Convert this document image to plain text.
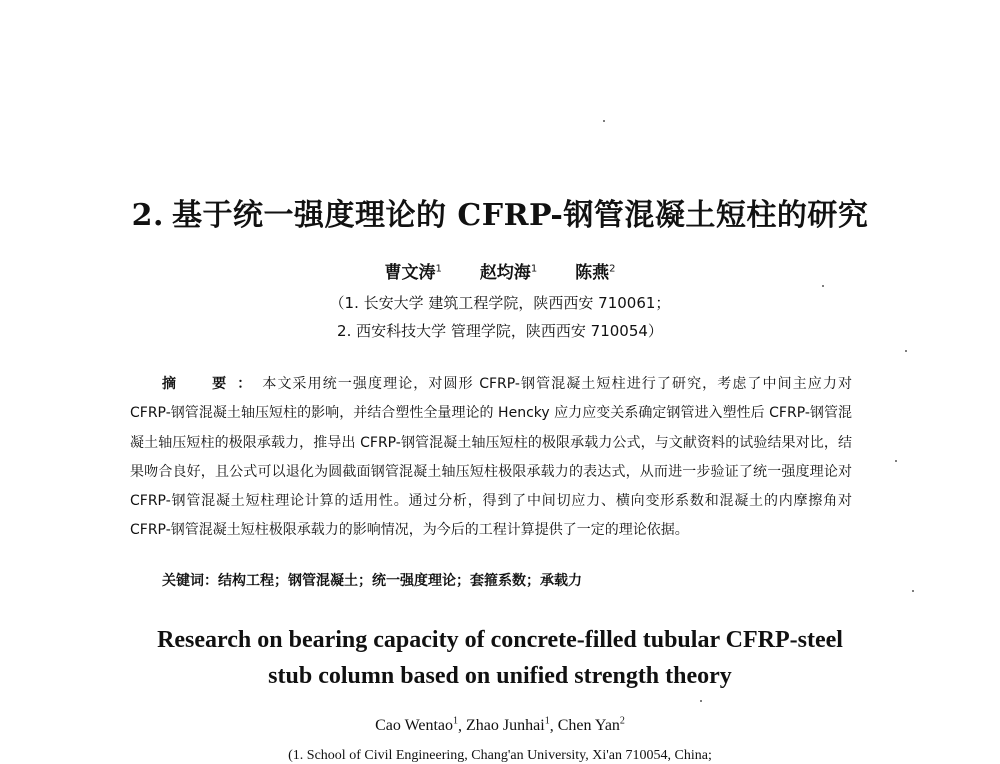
2. 基于统一强度理论的 CFRP-钢管混凝土短柱的研究
曹文涛$^1$ 赵均海$^1$ 陈燕$^2$
（1. 长安大学 建筑工程学院，陕西西安 710061；
2. 西安科技大学 管理学院，陕西西安 710054）
摘　要：本文采用统一强度理论，对圆形 CFRP-钢管混凝土短柱进行了研究，考虑了中间主应力对 CFRP-钢管混凝土轴压短柱的影响，并结合塑性全量理论的 Hencky 应力应变关系确定钢管进入塑性后 CFRP-钢管混凝土轴压短柱的极限承载力，推导出 CFRP-钢管混凝土轴压短柱的极限承载力公式，与文献资料的试验结果对比，结果吻合良好，且公式可以退化为圆截面钢管混凝土轴压短柱极限承载力的表达式，从而进一步验证了统一强度理论对 CFRP-钢管混凝土短柱理论计算的适用性。通过分析，得到了中间切应力、横向变形系数和混凝土的内摩擦角对 CFRP-钢管混凝土短柱极限承载力的影响情况，为今后的工程计算提供了一定的理论依据。
关键词：结构工程；钢管混凝土；统一强度理论；套箍系数；承载力
Research on bearing capacity of concrete-filled tubular CFRP-steel
stub column based on unified strength theory
Cao Wentao$^1$, Zhao Junhai$^1$, Chen Yan$^2$
(1. School of Civil Engineering, Chang'an University, Xi'an 710054, China;
